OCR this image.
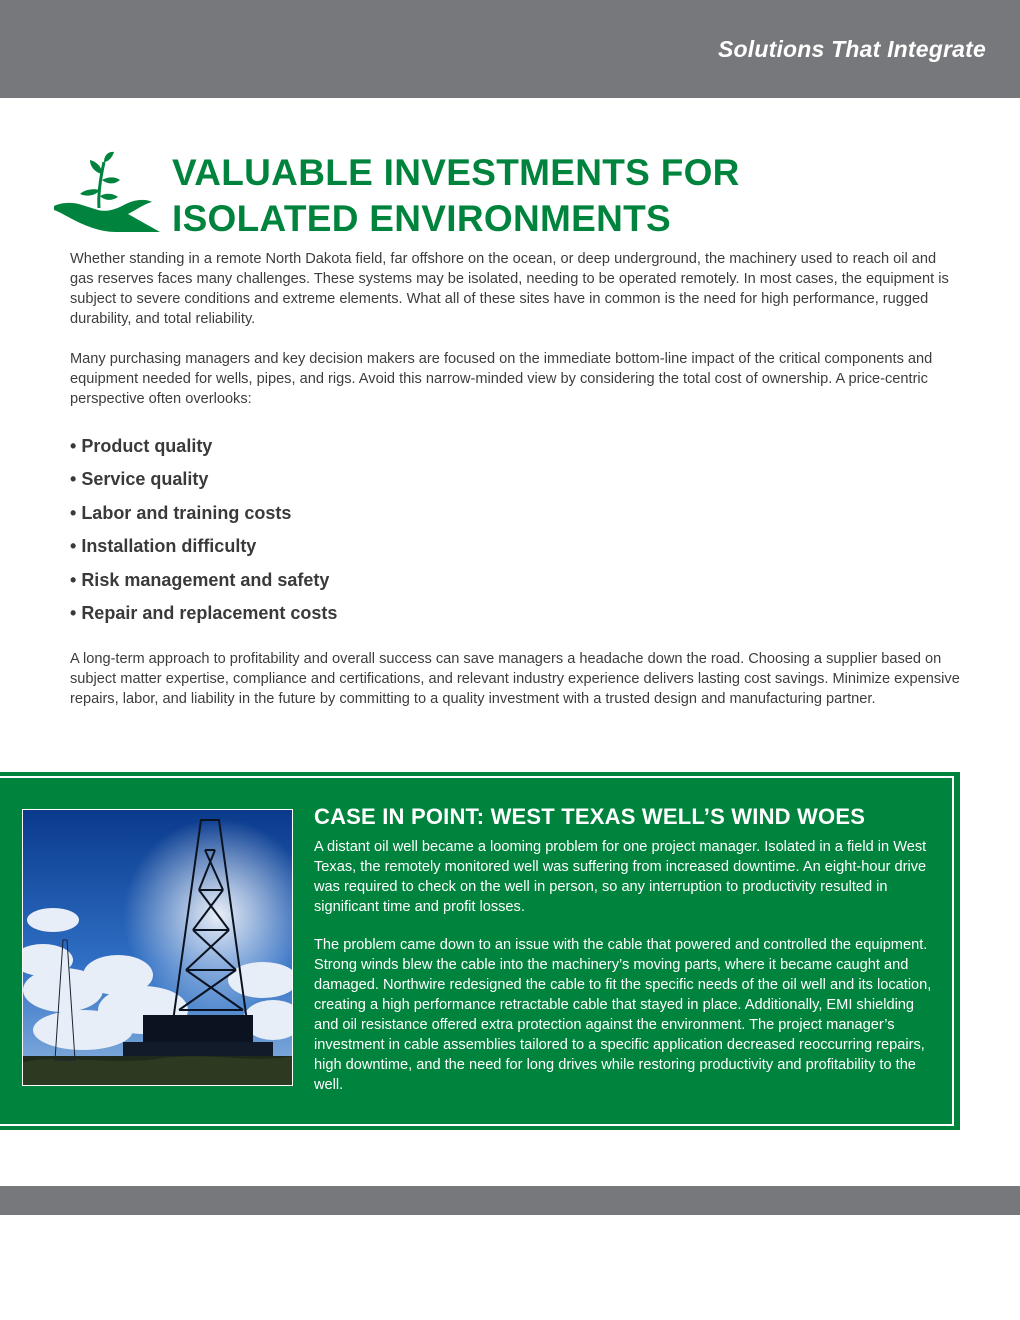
Solutions That Integrate
VALUABLE INVESTMENTS FOR
ISOLATED ENVIRONMENTS

Whether standing in a remote North Dakota field, far offshore on the ocean, or deep underground, the machinery used to reach oil and gas reserves faces many challenges. These systems may be isolated, needing to be operated remotely. In most cases, the equipment is subject to severe conditions and extreme elements. What all of these sites have in common is the need for high performance, rugged durability, and total reliability.

Many purchasing managers and key decision makers are focused on the immediate bottom-line impact of the critical components and equipment needed for wells, pipes, and rigs. Avoid this narrow-minded view by considering the total cost of ownership. A price-centric perspective often overlooks:

• Product quality
• Service quality
• Labor and training costs
• Installation difficulty
• Risk management and safety
• Repair and replacement costs

A long-term approach to profitability and overall success can save managers a headache down the road. Choosing a supplier based on subject matter expertise, compliance and certifications, and relevant industry experience delivers lasting cost savings. Minimize expensive repairs, labor, and liability in the future by committing to a quality investment with a trusted design and manufacturing partner.

CASE IN POINT: WEST TEXAS WELL’S WIND WOES

A distant oil well became a looming problem for one project manager. Isolated in a field in West Texas, the remotely monitored well was suffering from increased downtime. An eight-hour drive was required to check on the well in person, so any interruption to productivity resulted in significant time and profit losses.

The problem came down to an issue with the cable that powered and controlled the equipment. Strong winds blew the cable into the machinery’s moving parts, where it became caught and damaged. Northwire redesigned the cable to fit the specific needs of the oil well and its location, creating a high performance retractable cable that stayed in place. Additionally, EMI shielding and oil resistance offered extra protection against the environment. The project manager’s investment in cable assemblies tailored to a specific application decreased reoccurring repairs, high downtime, and the need for long drives while restoring productivity and profitability to the well.
